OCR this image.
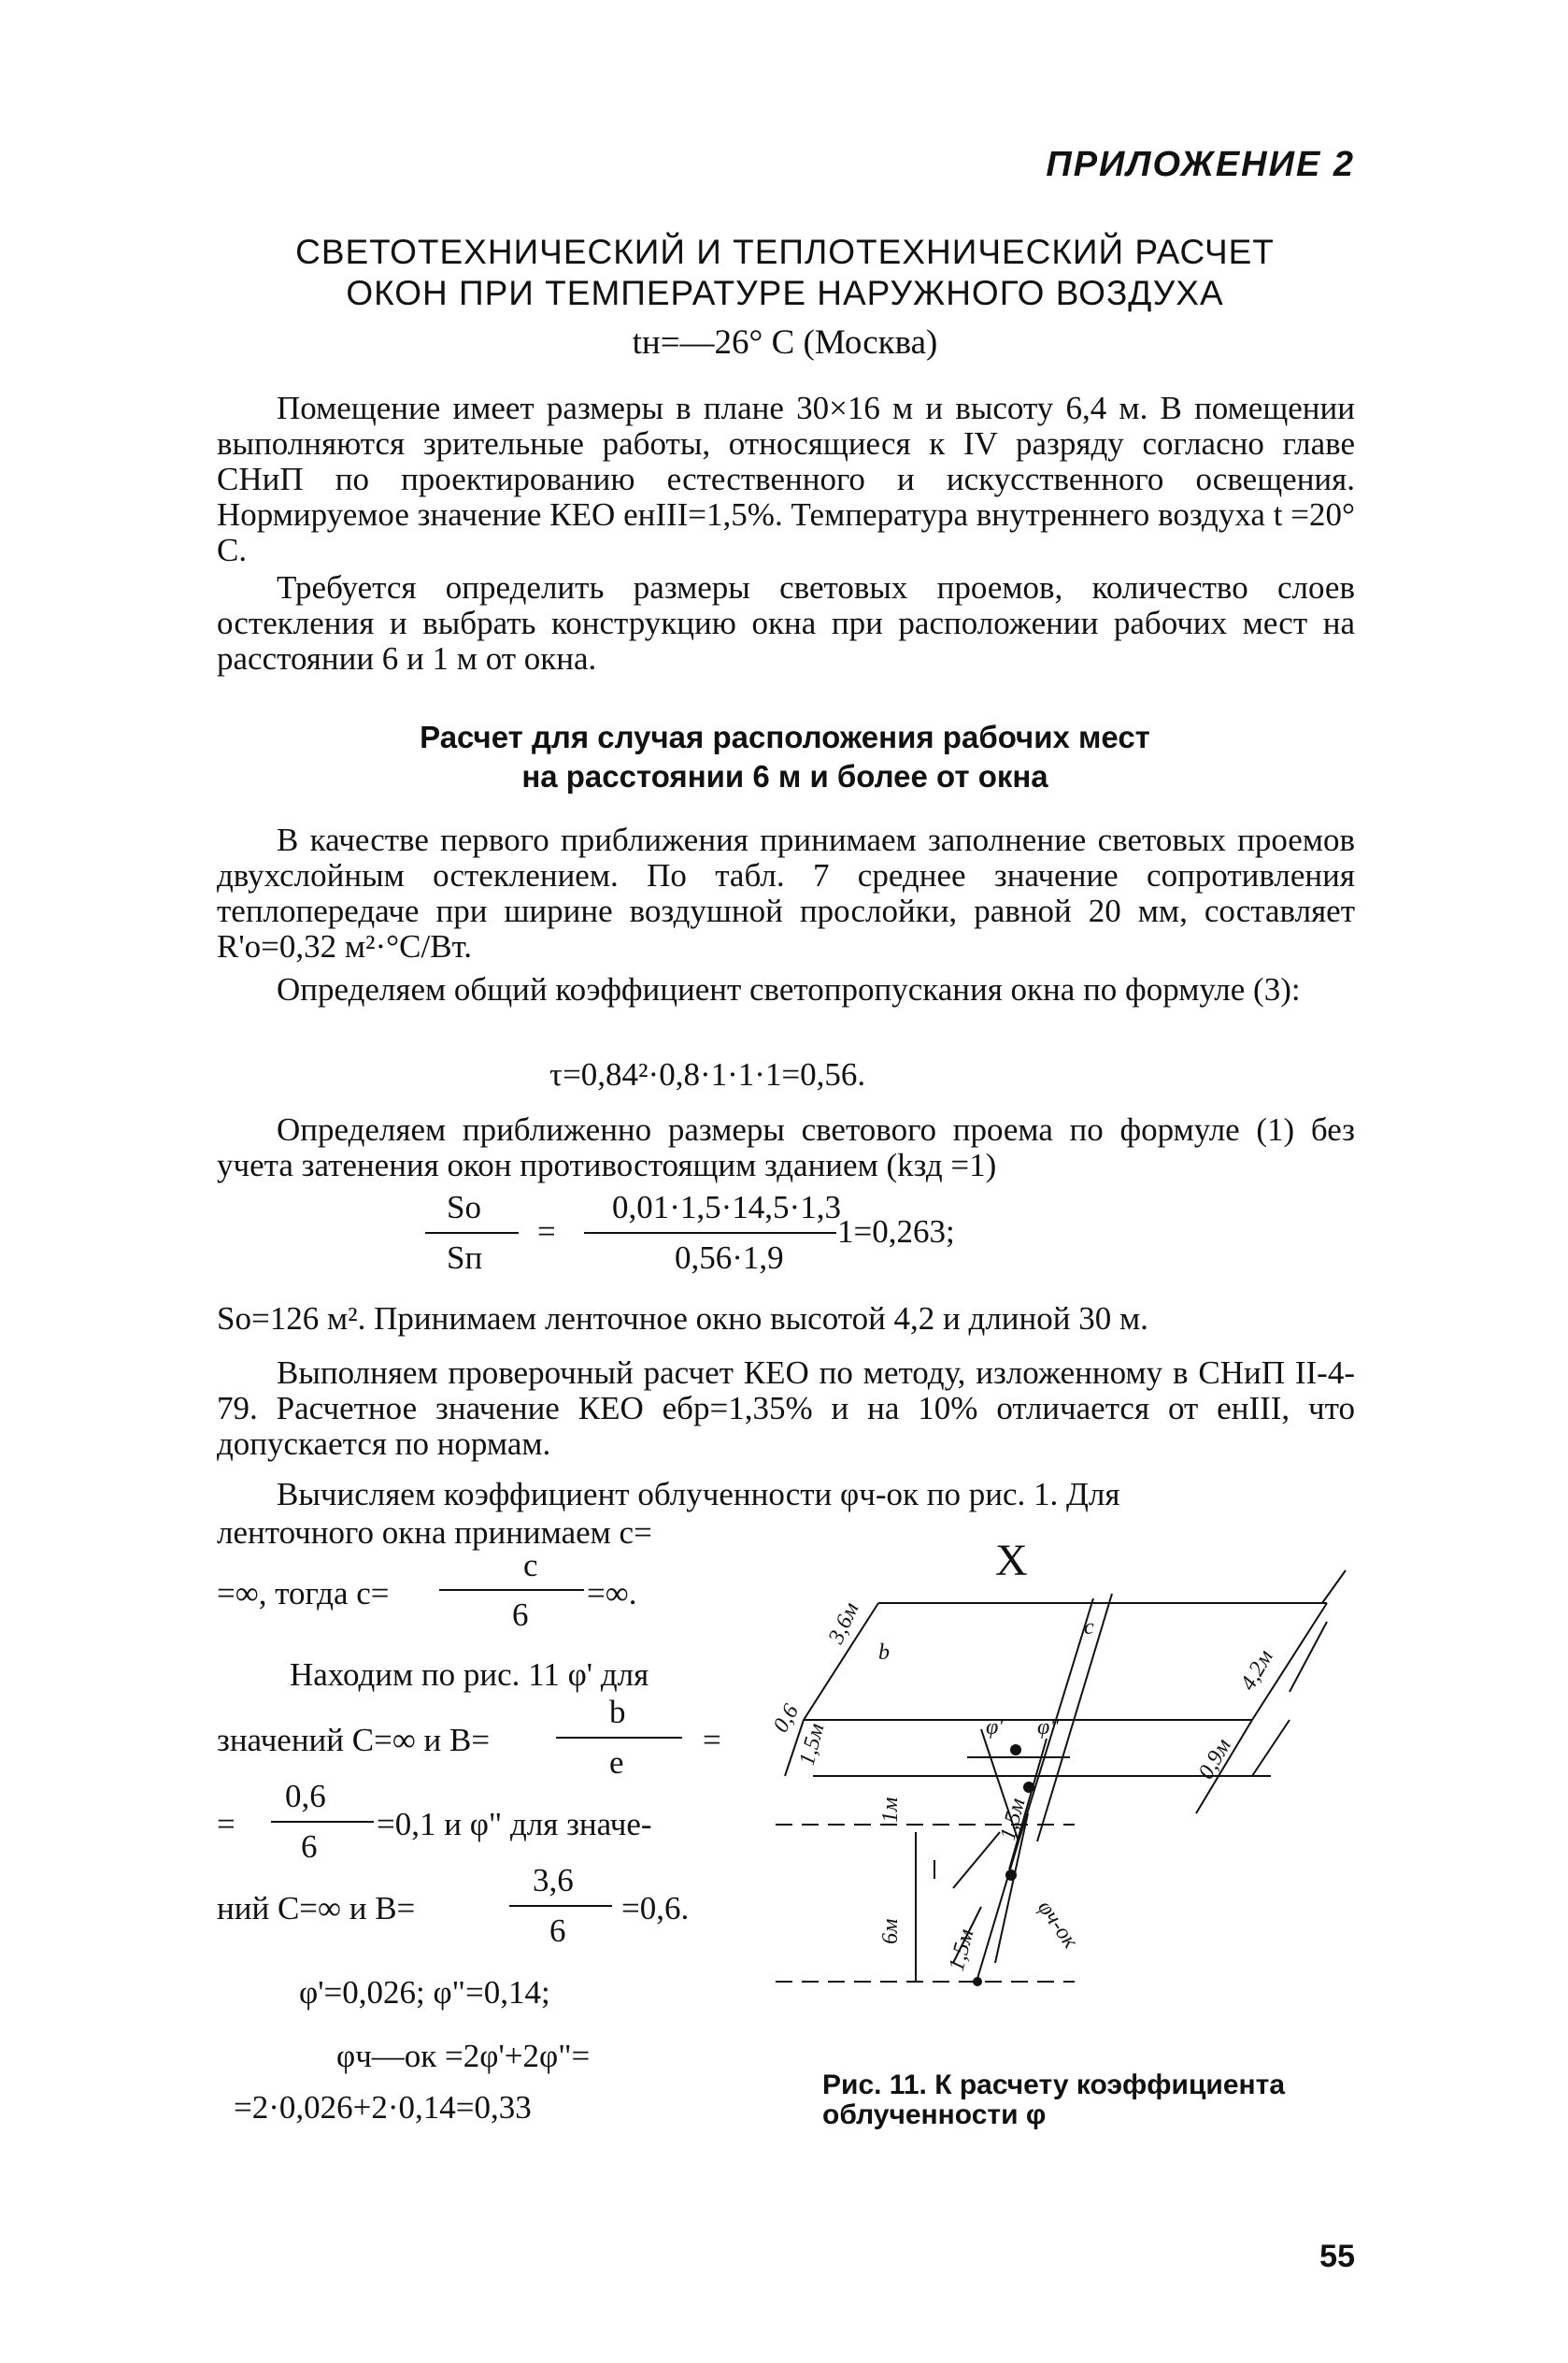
ПРИЛОЖЕНИЕ 2
СВЕТОТЕХНИЧЕСКИЙ И ТЕПЛОТЕХНИЧЕСКИЙ РАСЧЕТ
ОКОН ПРИ ТЕМПЕРАТУРЕ НАРУЖНОГО ВОЗДУХА
tн=—26° C (Москва)
Помещение имеет размеры в плане 30×16 м и высоту 6,4 м. В помещении выполняются зрительные работы, относящиеся к IV разряду согласно главе СНиП по проектированию естественного и искусственного освещения. Нормируемое значение КЕО eнIII=1,5%. Температура внутреннего воздуха t =20° C.
Требуется определить размеры световых проемов, количество слоев остекления и выбрать конструкцию окна при расположении рабочих мест на расстоянии 6 и 1 м от окна.
Расчет для случая расположения рабочих мест
на расстоянии 6 м и более от окна
В качестве первого приближения принимаем заполнение световых проемов двухслойным остеклением. По табл. 7 среднее значение сопротивления теплопередаче при ширине воздушной прослойки, равной 20 мм, составляет R'o=0,32 м²·°C/Вт.
Определяем общий коэффициент светопропускания окна по формуле (3):
τ=0,84²·0,8·1·1·1=0,56.
Определяем приближенно размеры светового проема по формуле (1) без учета затенения окон противостоящим зданием (kзд =1)
So
Sп
=
0,01·1,5·14,5·1,3
0,56·1,9
1=0,263;
So=126 м². Принимаем ленточное окно высотой 4,2 и длиной 30 м.
Выполняем проверочный расчет КЕО по методу, изложенному в СНиП II-4-79. Расчетное значение КЕО eбр=1,35% и на 10% отличается от eнIII, что допускается по нормам.
Вычисляем коэффициент облученности φч-ок по рис. 1. Для
ленточного окна принимаем c=
=∞, тогда c=
c
6
=∞.
Находим по рис. 11 φ' для
значений C=∞ и B=
b
e
=
=
0,6
6
=0,1 и φ" для значе-
ний C=∞ и B=
3,6
6
=0,6.
φ'=0,026; φ"=0,14;
φч—ок =2φ'+2φ"=
=2·0,026+2·0,14=0,33
X
c
b
3,6м
4,2м
0,6
1,5м	0,9м
1м
6м
1,5м
1,5м
φ' φ"
φч-ок
Рис. 11. К расчету коэффициента облученности φ
55
